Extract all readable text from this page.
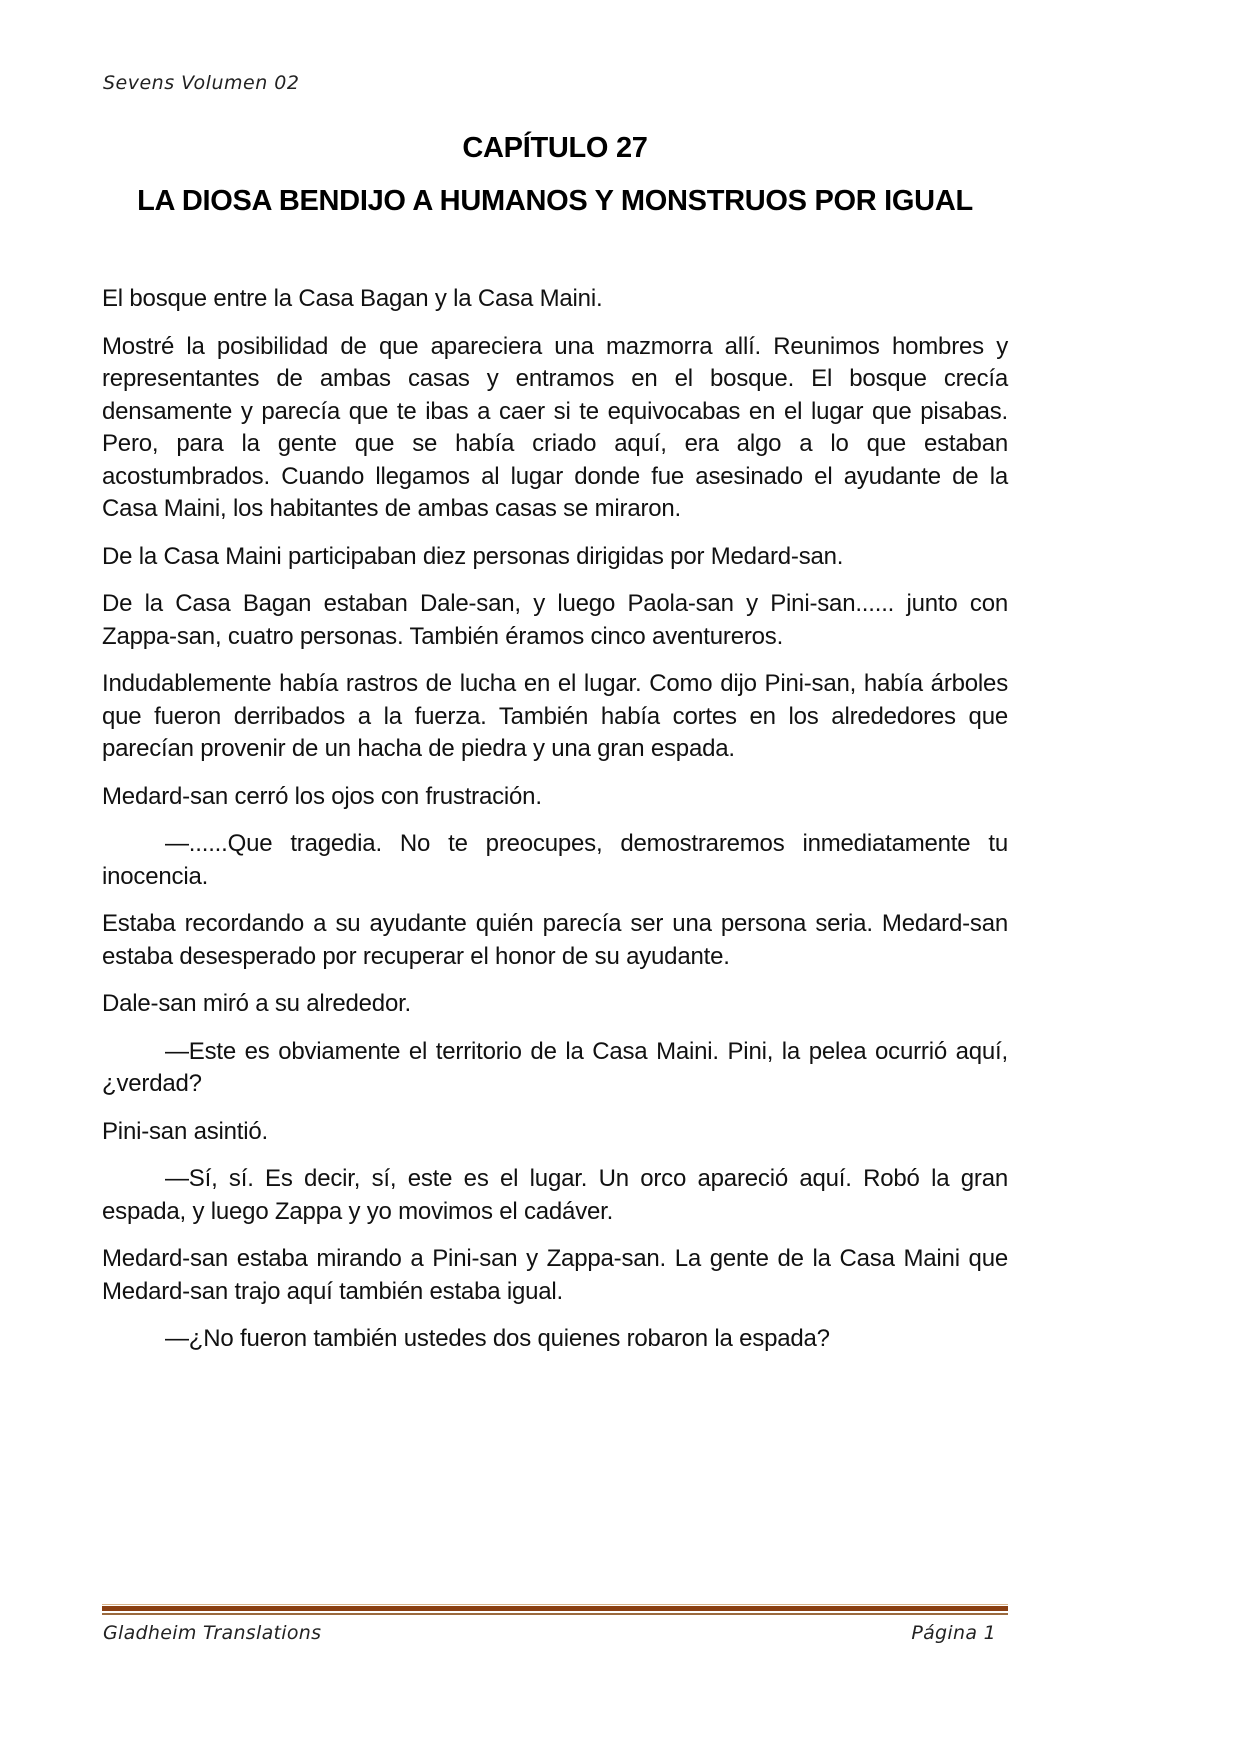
Sevens Volumen 02
CAPÍTULO 27
LA DIOSA BENDIJO A HUMANOS Y MONSTRUOS POR IGUAL

El bosque entre la Casa Bagan y la Casa Maini.

Mostré la posibilidad de que apareciera una mazmorra allí. Reunimos hombres y representantes de ambas casas y entramos en el bosque. El bosque crecía densamente y parecía que te ibas a caer si te equivocabas en el lugar que pisabas. Pero, para la gente que se había criado aquí, era algo a lo que estaban acostumbrados. Cuando llegamos al lugar donde fue asesinado el ayudante de la Casa Maini, los habitantes de ambas casas se miraron.

De la Casa Maini participaban diez personas dirigidas por Medard-san.

De la Casa Bagan estaban Dale-san, y luego Paola-san y Pini-san...... junto con Zappa-san, cuatro personas. También éramos cinco aventureros.

Indudablemente había rastros de lucha en el lugar. Como dijo Pini-san, había árboles que fueron derribados a la fuerza. También había cortes en los alrededores que parecían provenir de un hacha de piedra y una gran espada.

Medard-san cerró los ojos con frustración.

—......Que tragedia. No te preocupes, demostraremos inmediatamente tu inocencia.

Estaba recordando a su ayudante quién parecía ser una persona seria. Medard-san estaba desesperado por recuperar el honor de su ayudante.

Dale-san miró a su alrededor.

—Este es obviamente el territorio de la Casa Maini. Pini, la pelea ocurrió aquí, ¿verdad?

Pini-san asintió.

—Sí, sí. Es decir, sí, este es el lugar. Un orco apareció aquí. Robó la gran espada, y luego Zappa y yo movimos el cadáver.

Medard-san estaba mirando a Pini-san y Zappa-san. La gente de la Casa Maini que Medard-san trajo aquí también estaba igual.

—¿No fueron también ustedes dos quienes robaron la espada?

Gladheim Translations	Página 1
